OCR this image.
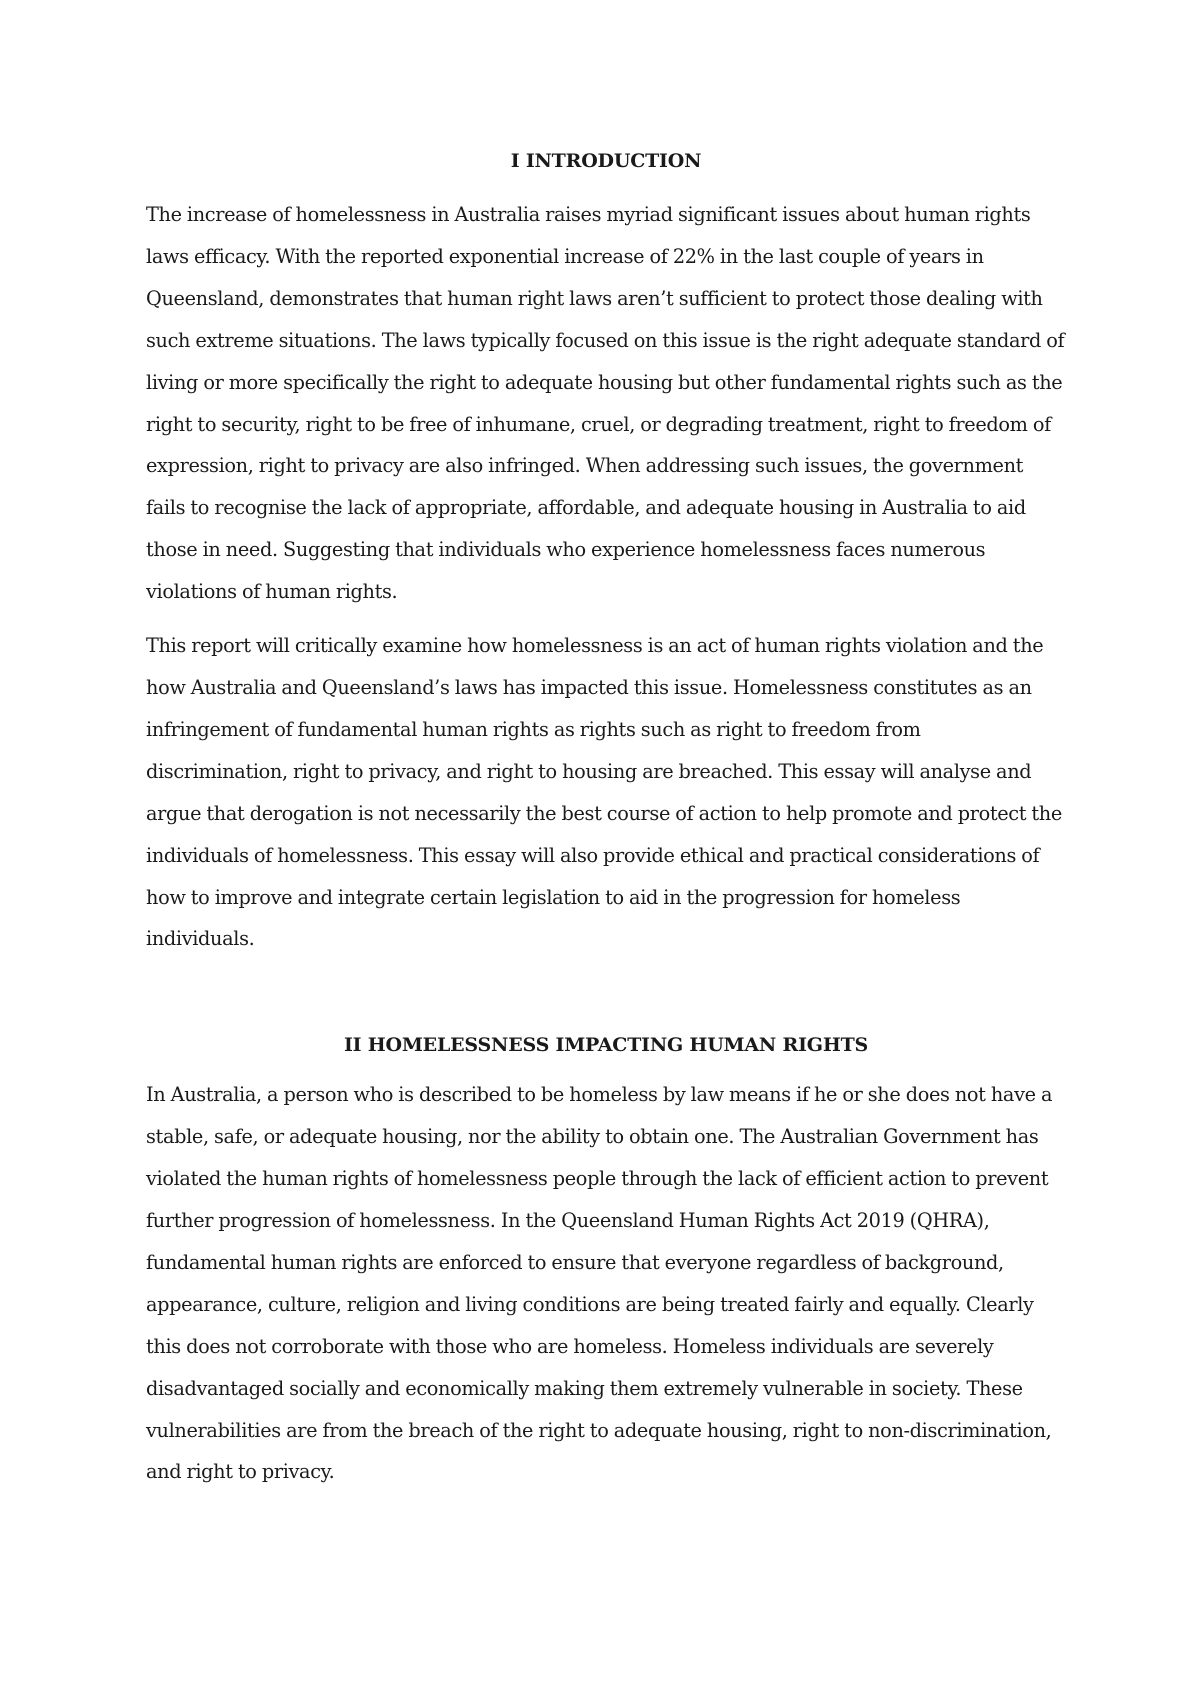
I INTRODUCTION

The increase of homelessness in Australia raises myriad significant issues about human rights laws efficacy. With the reported exponential increase of 22% in the last couple of years in Queensland, demonstrates that human right laws aren’t sufficient to protect those dealing with such extreme situations. The laws typically focused on this issue is the right adequate standard of living or more specifically the right to adequate housing but other fundamental rights such as the right to security, right to be free of inhumane, cruel, or degrading treatment, right to freedom of expression, right to privacy are also infringed. When addressing such issues, the government fails to recognise the lack of appropriate, affordable, and adequate housing in Australia to aid those in need. Suggesting that individuals who experience homelessness faces numerous violations of human rights.

This report will critically examine how homelessness is an act of human rights violation and the how Australia and Queensland’s laws has impacted this issue. Homelessness constitutes as an infringement of fundamental human rights as rights such as right to freedom from discrimination, right to privacy, and right to housing are breached. This essay will analyse and argue that derogation is not necessarily the best course of action to help promote and protect the individuals of homelessness. This essay will also provide ethical and practical considerations of how to improve and integrate certain legislation to aid in the progression for homeless individuals.

II HOMELESSNESS IMPACTING HUMAN RIGHTS

In Australia, a person who is described to be homeless by law means if he or she does not have a stable, safe, or adequate housing, nor the ability to obtain one. The Australian Government has violated the human rights of homelessness people through the lack of efficient action to prevent further progression of homelessness. In the Queensland Human Rights Act 2019 (QHRA), fundamental human rights are enforced to ensure that everyone regardless of background, appearance, culture, religion and living conditions are being treated fairly and equally. Clearly this does not corroborate with those who are homeless. Homeless individuals are severely disadvantaged socially and economically making them extremely vulnerable in society. These vulnerabilities are from the breach of the right to adequate housing, right to non-discrimination, and right to privacy.
